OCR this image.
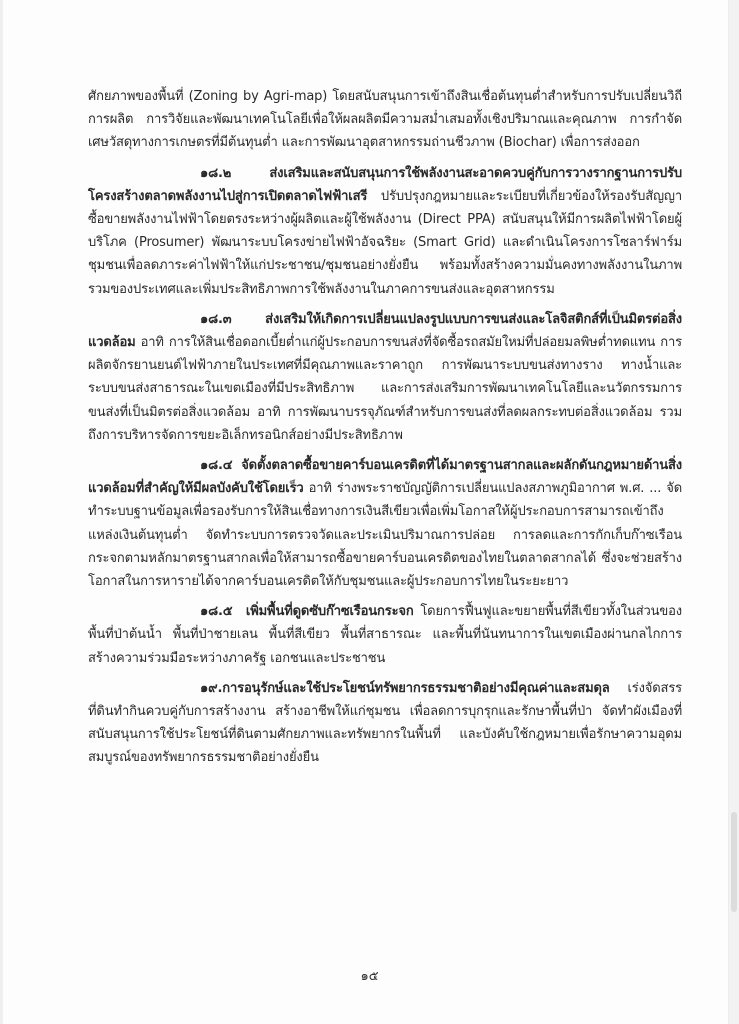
ศักยภาพของพื้นที่ (Zoning by Agri-map) โดยสนับสนุนการเข้าถึงสินเชื่อต้นทุนต่ำสำหรับการปรับเปลี่ยนวิถีการผลิต การวิจัยและพัฒนาเทคโนโลยีเพื่อให้ผลผลิตมีความสม่ำเสมอทั้งเชิงปริมาณและคุณภาพ การกำจัดเศษวัสดุทางการเกษตรที่มีต้นทุนต่ำ และการพัฒนาอุตสาหกรรมถ่านชีวภาพ (Biochar) เพื่อการส่งออก

๑๘.๒	ส่งเสริมและสนับสนุนการใช้พลังงานสะอาดควบคู่กับการวางรากฐานการปรับโครงสร้างตลาดพลังงานไปสู่การเปิดตลาดไฟฟ้าเสรี ปรับปรุงกฎหมายและระเบียบที่เกี่ยวข้องให้รองรับสัญญาซื้อขายพลังงานไฟฟ้าโดยตรงระหว่างผู้ผลิตและผู้ใช้พลังงาน (Direct PPA) สนับสนุนให้มีการผลิตไฟฟ้าโดยผู้บริโภค (Prosumer) พัฒนาระบบโครงข่ายไฟฟ้าอัจฉริยะ (Smart Grid) และดำเนินโครงการโซลาร์ฟาร์มชุมชนเพื่อลดภาระค่าไฟฟ้าให้แก่ประชาชน/ชุมชนอย่างยั่งยืน พร้อมทั้งสร้างความมั่นคงทางพลังงานในภาพรวมของประเทศและเพิ่มประสิทธิภาพการใช้พลังงานในภาคการขนส่งและอุตสาหกรรม

๑๘.๓	ส่งเสริมให้เกิดการเปลี่ยนแปลงรูปแบบการขนส่งและโลจิสติกส์ที่เป็นมิตรต่อสิ่งแวดล้อม อาทิ การให้สินเชื่อดอกเบี้ยต่ำแก่ผู้ประกอบการขนส่งที่จัดซื้อรถสมัยใหม่ที่ปล่อยมลพิษต่ำทดแทน การผลิตจักรยานยนต์ไฟฟ้าภายในประเทศที่มีคุณภาพและราคาถูก การพัฒนาระบบขนส่งทางราง ทางน้ำและระบบขนส่งสาธารณะในเขตเมืองที่มีประสิทธิภาพ และการส่งเสริมการพัฒนาเทคโนโลยีและนวัตกรรมการขนส่งที่เป็นมิตรต่อสิ่งแวดล้อม อาทิ การพัฒนาบรรจุภัณฑ์สำหรับการขนส่งที่ลดผลกระทบต่อสิ่งแวดล้อม รวมถึงการบริหารจัดการขยะอิเล็กทรอนิกส์อย่างมีประสิทธิภาพ

๑๘.๔ จัดตั้งตลาดซื้อขายคาร์บอนเครดิตที่ได้มาตรฐานสากลและผลักดันกฎหมายด้านสิ่งแวดล้อมที่สำคัญให้มีผลบังคับใช้โดยเร็ว อาทิ ร่างพระราชบัญญัติการเปลี่ยนแปลงสภาพภูมิอากาศ พ.ศ. ... จัดทำระบบฐานข้อมูลเพื่อรองรับการให้สินเชื่อทางการเงินสีเขียวเพื่อเพิ่มโอกาสให้ผู้ประกอบการสามารถเข้าถึงแหล่งเงินต้นทุนต่ำ จัดทำระบบการตรวจวัดและประเมินปริมาณการปล่อย การลดและการกักเก็บก๊าซเรือนกระจกตามหลักมาตรฐานสากลเพื่อให้สามารถซื้อขายคาร์บอนเครดิตของไทยในตลาดสากลได้ ซึ่งจะช่วยสร้างโอกาสในการหารายได้จากคาร์บอนเครดิตให้กับชุมชนและผู้ประกอบการไทยในระยะยาว

๑๘.๕ เพิ่มพื้นที่ดูดซับก๊าซเรือนกระจก โดยการฟื้นฟูและขยายพื้นที่สีเขียวทั้งในส่วนของพื้นที่ป่าต้นน้ำ พื้นที่ป่าชายเลน พื้นที่สีเขียว พื้นที่สาธารณะ และพื้นที่นันทนาการในเขตเมืองผ่านกลไกการสร้างความร่วมมือระหว่างภาครัฐ เอกชนและประชาชน

๑๙.การอนุรักษ์และใช้ประโยชน์ทรัพยากรธรรมชาติอย่างมีคุณค่าและสมดุล เร่งจัดสรรที่ดินทำกินควบคู่กับการสร้างงาน สร้างอาชีพให้แก่ชุมชน เพื่อลดการบุกรุกและรักษาพื้นที่ป่า จัดทำผังเมืองที่สนับสนุนการใช้ประโยชน์ที่ดินตามศักยภาพและทรัพยากรในพื้นที่ และบังคับใช้กฎหมายเพื่อรักษาความอุดมสมบูรณ์ของทรัพยากรธรรมชาติอย่างยั่งยืน

๑๕
